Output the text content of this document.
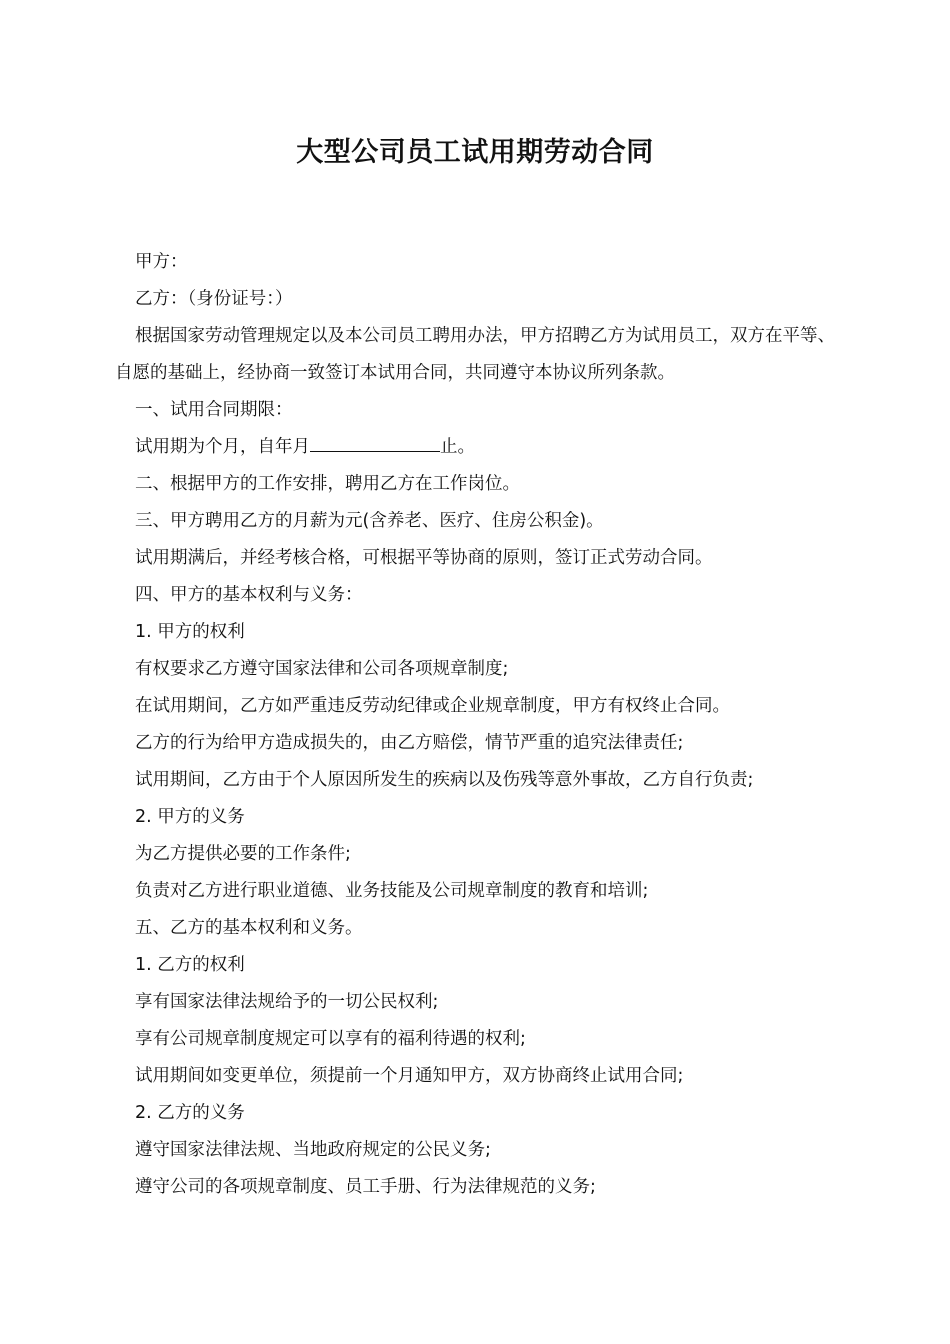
大型公司员工试用期劳动合同
甲方：
乙方：（身份证号：）
根据国家劳动管理规定以及本公司员工聘用办法，甲方招聘乙方为试用员工，双方在平等、自愿的基础上，经协商一致签订本试用合同，共同遵守本协议所列条款。
一、试用合同期限：
试用期为个月，自年月	止。
二、根据甲方的工作安排，聘用乙方在工作岗位。
三、甲方聘用乙方的月薪为元(含养老、医疗、住房公积金)。
试用期满后，并经考核合格，可根据平等协商的原则，签订正式劳动合同。
四、甲方的基本权利与义务：
1. 甲方的权利
有权要求乙方遵守国家法律和公司各项规章制度;
在试用期间，乙方如严重违反劳动纪律或企业规章制度，甲方有权终止合同。
乙方的行为给甲方造成损失的，由乙方赔偿，情节严重的追究法律责任;
试用期间，乙方由于个人原因所发生的疾病以及伤残等意外事故，乙方自行负责;
2. 甲方的义务
为乙方提供必要的工作条件;
负责对乙方进行职业道德、业务技能及公司规章制度的教育和培训;
五、乙方的基本权利和义务。
1. 乙方的权利
享有国家法律法规给予的一切公民权利;
享有公司规章制度规定可以享有的福利待遇的权利;
试用期间如变更单位，须提前一个月通知甲方，双方协商终止试用合同;
2. 乙方的义务
遵守国家法律法规、当地政府规定的公民义务;
遵守公司的各项规章制度、员工手册、行为法律规范的义务;
